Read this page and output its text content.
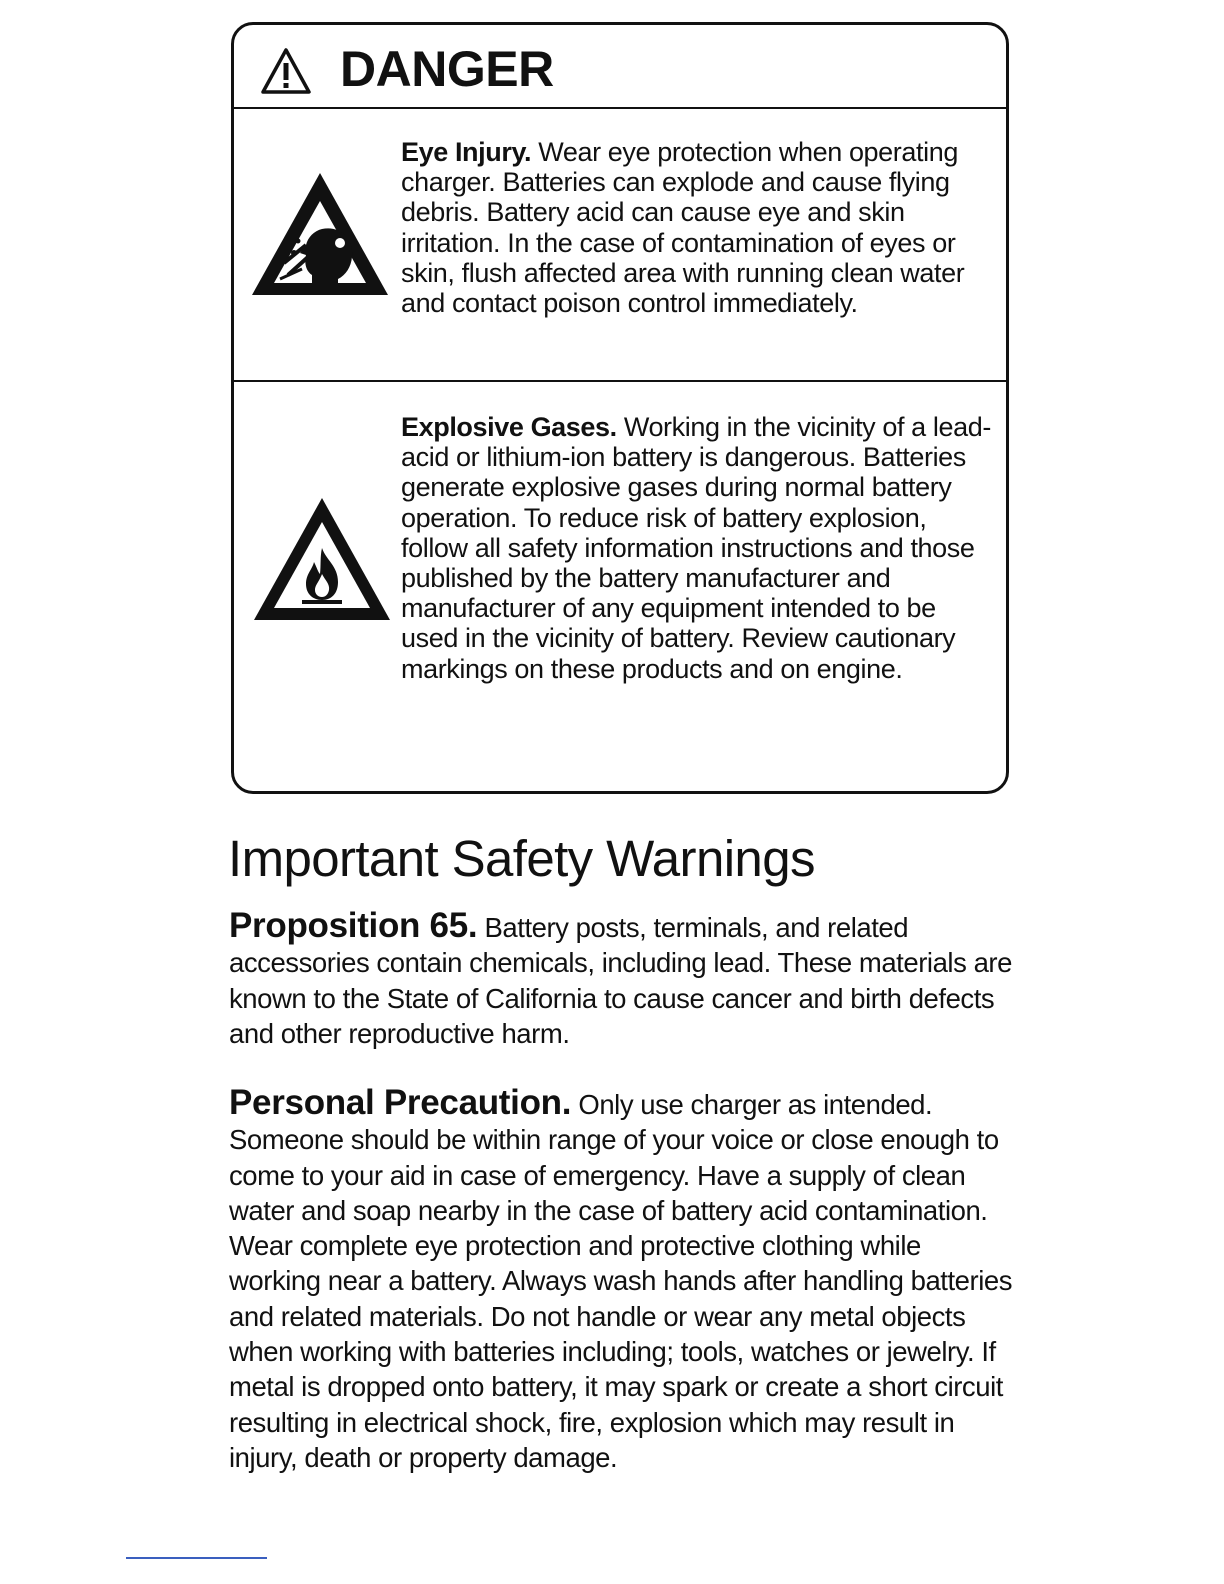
DANGER
Eye Injury. Wear eye protection when operating charger. Batteries can explode and cause flying debris. Battery acid can cause eye and skin irritation. In the case of contamination of eyes or skin, flush affected area with running clean water and contact poison control immediately.
Explosive Gases. Working in the vicinity of a lead-acid or lithium-ion battery is dangerous. Batteries generate explosive gases during normal battery operation. To reduce risk of battery explosion, follow all safety information instructions and those published by the battery manufacturer and manufacturer of any equipment intended to be used in the vicinity of battery. Review cautionary markings on these products and on engine.
Important Safety Warnings

Proposition 65. Battery posts, terminals, and related accessories contain chemicals, including lead. These materials are known to the State of California to cause cancer and birth defects and other reproductive harm.

Personal Precaution. Only use charger as intended. Someone should be within range of your voice or close enough to come to your aid in case of emergency. Have a supply of clean water and soap nearby in the case of battery acid contamination. Wear complete eye protection and protective clothing while working near a battery. Always wash hands after handling batteries and related materials. Do not handle or wear any metal objects when working with batteries including; tools, watches or jewelry. If metal is dropped onto battery, it may spark or create a short circuit resulting in electrical shock, fire, explosion which may result in injury, death or property damage.
